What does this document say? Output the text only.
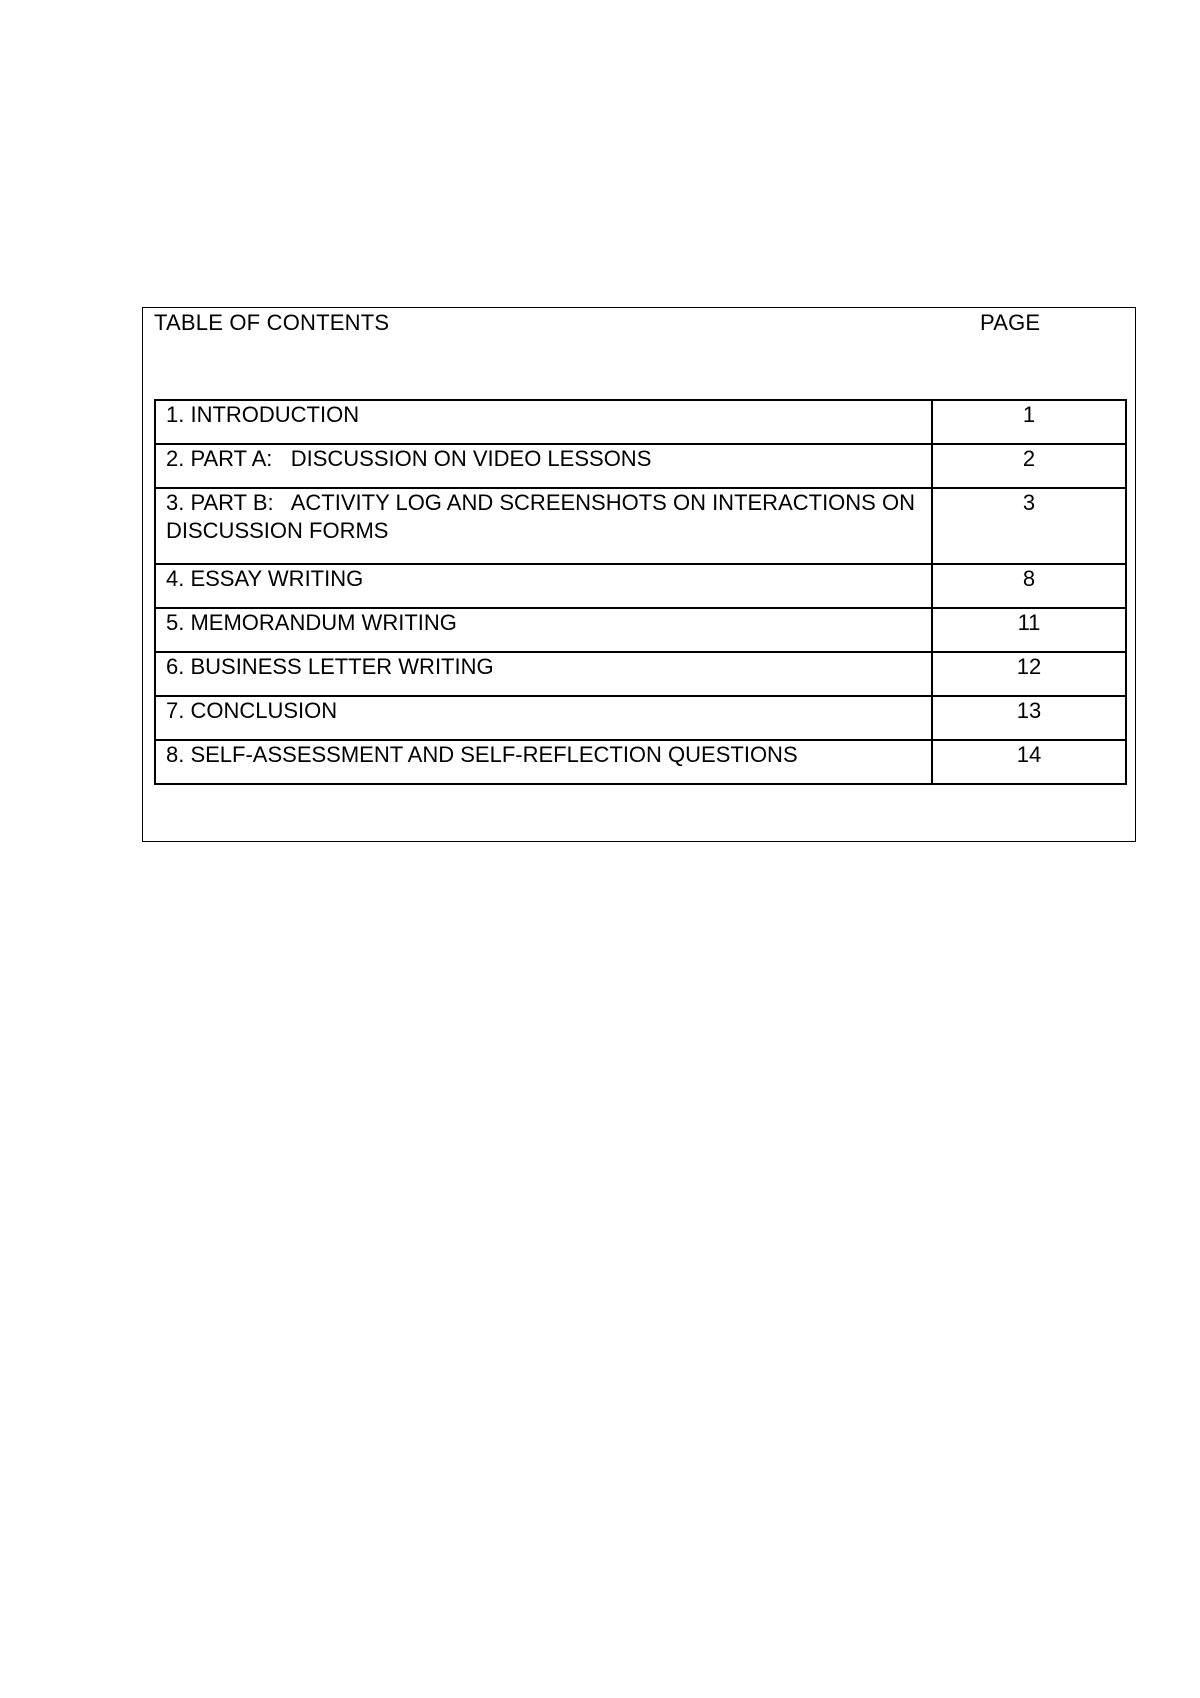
TABLE OF CONTENTS	PAGE
1. INTRODUCTION	1

2. PART A:   DISCUSSION ON VIDEO LESSONS	2

3. PART B:   ACTIVITY LOG AND SCREENSHOTS ON INTERACTIONS ON DISCUSSION FORMS	3

4. ESSAY WRITING	8

5. MEMORANDUM WRITING	11

6. BUSINESS LETTER WRITING	12

7. CONCLUSION	13

8. SELF-ASSESSMENT AND SELF-REFLECTION QUESTIONS	14
